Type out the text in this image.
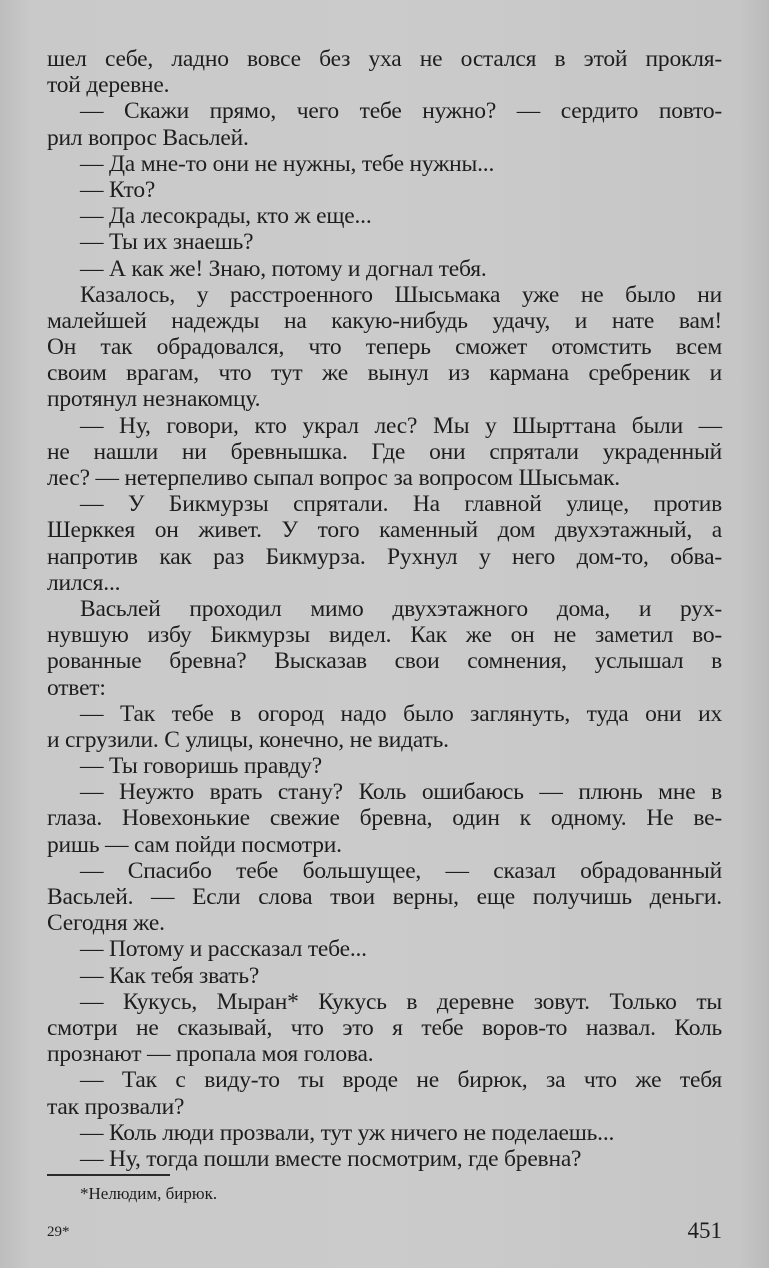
шел себе, ладно вовсе без уха не остался в этой прокля-
той деревне.
— Скажи прямо, чего тебе нужно? — сердито повто-
рил вопрос Васьлей.
— Да мне-то они не нужны, тебе нужны...
— Кто?
— Да лесокрады, кто ж еще...
— Ты их знаешь?
— А как же! Знаю, потому и догнал тебя.
Казалось, у расстроенного Шысьмака уже не было ни
малейшей надежды на какую-нибудь удачу, и нате вам!
Он так обрадовался, что теперь сможет отомстить всем
своим врагам, что тут же вынул из кармана сребреник и
протянул незнакомцу.
— Ну, говори, кто украл лес? Мы у Шырттана были —
не нашли ни бревнышка. Где они спрятали украденный
лес? — нетерпеливо сыпал вопрос за вопросом Шысьмак.
— У Бикмурзы спрятали. На главной улице, против
Шерккея он живет. У того каменный дом двухэтажный, а
напротив как раз Бикмурза. Рухнул у него дом-то, обва-
лился...
Васьлей проходил мимо двухэтажного дома, и рух-
нувшую избу Бикмурзы видел. Как же он не заметил во-
рованные бревна? Высказав свои сомнения, услышал в
ответ:
— Так тебе в огород надо было заглянуть, туда они их
и сгрузили. С улицы, конечно, не видать.
— Ты говоришь правду?
— Неужто врать стану? Коль ошибаюсь — плюнь мне в
глаза. Новехонькие свежие бревна, один к одному. Не ве-
ришь — сам пойди посмотри.
— Спасибо тебе большущее, — сказал обрадованный
Васьлей. — Если слова твои верны, еще получишь деньги.
Сегодня же.
— Потому и рассказал тебе...
— Как тебя звать?
— Кукусь, Мыран* Кукусь в деревне зовут. Только ты
смотри не сказывай, что это я тебе воров-то назвал. Коль
прознают — пропала моя голова.
— Так с виду-то ты вроде не бирюк, за что же тебя
так прозвали?
— Коль люди прозвали, тут уж ничего не поделаешь...
— Ну, тогда пошли вместе посмотрим, где бревна?
*Нелюдим, бирюк.
29*	451
